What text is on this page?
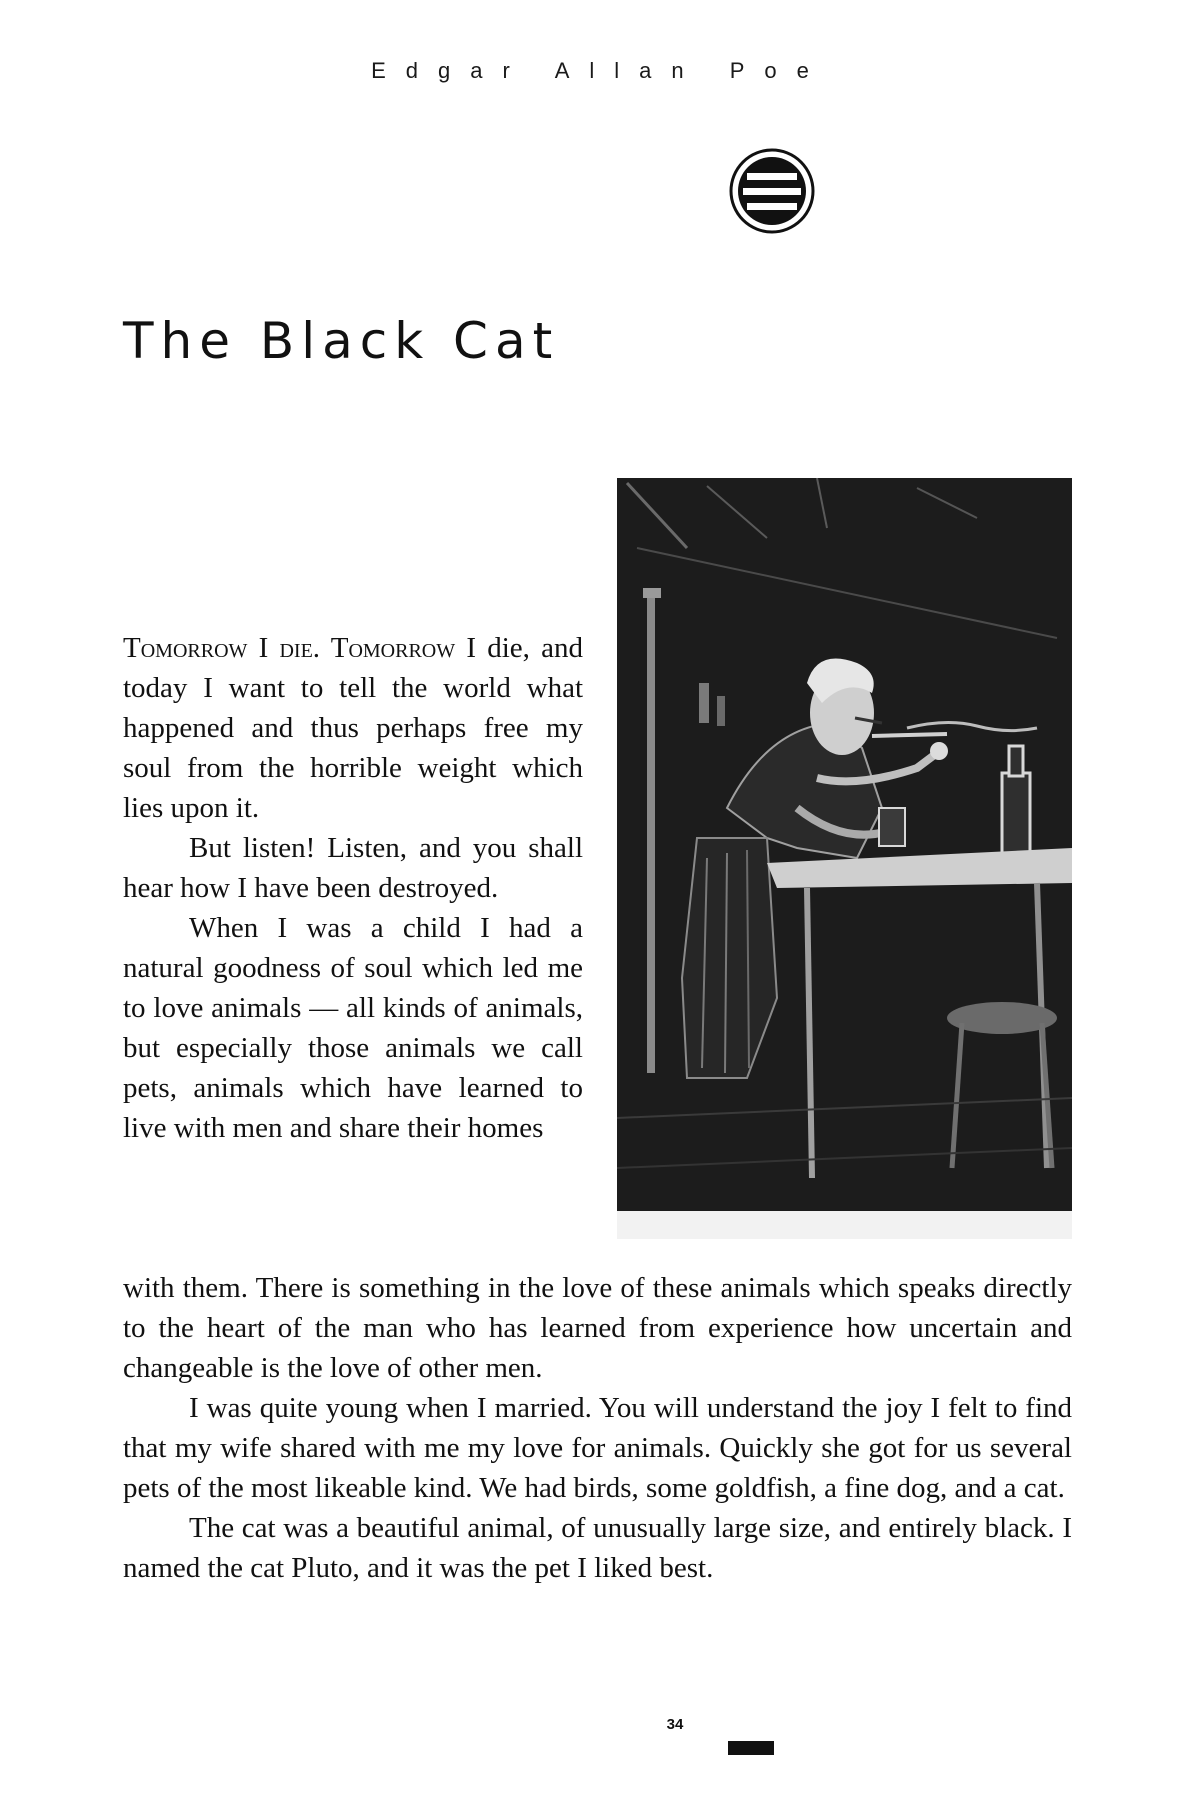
Edgar Allan Poe
The Black Cat

Tomorrow I die. Tomorrow I die, and today I want to tell the world what happened and thus perhaps free my soul from the horrible weight which lies upon it.

But listen! Listen, and you shall hear how I have been destroyed.

When I was a child I had a natural goodness of soul which led me to love animals — all kinds of animals, but especially those animals we call pets, animals which have learned to live with men and share their homes

with them. There is something in the love of these animals which speaks directly to the heart of the man who has learned from experience how uncertain and changeable is the love of other men.

I was quite young when I married. You will understand the joy I felt to find that my wife shared with me my love for animals. Quickly she got for us several pets of the most likeable kind. We had birds, some goldfish, a fine dog, and a cat.

The cat was a beautiful animal, of unusually large size, and entirely black. I named the cat Pluto, and it was the pet I liked best.

34
